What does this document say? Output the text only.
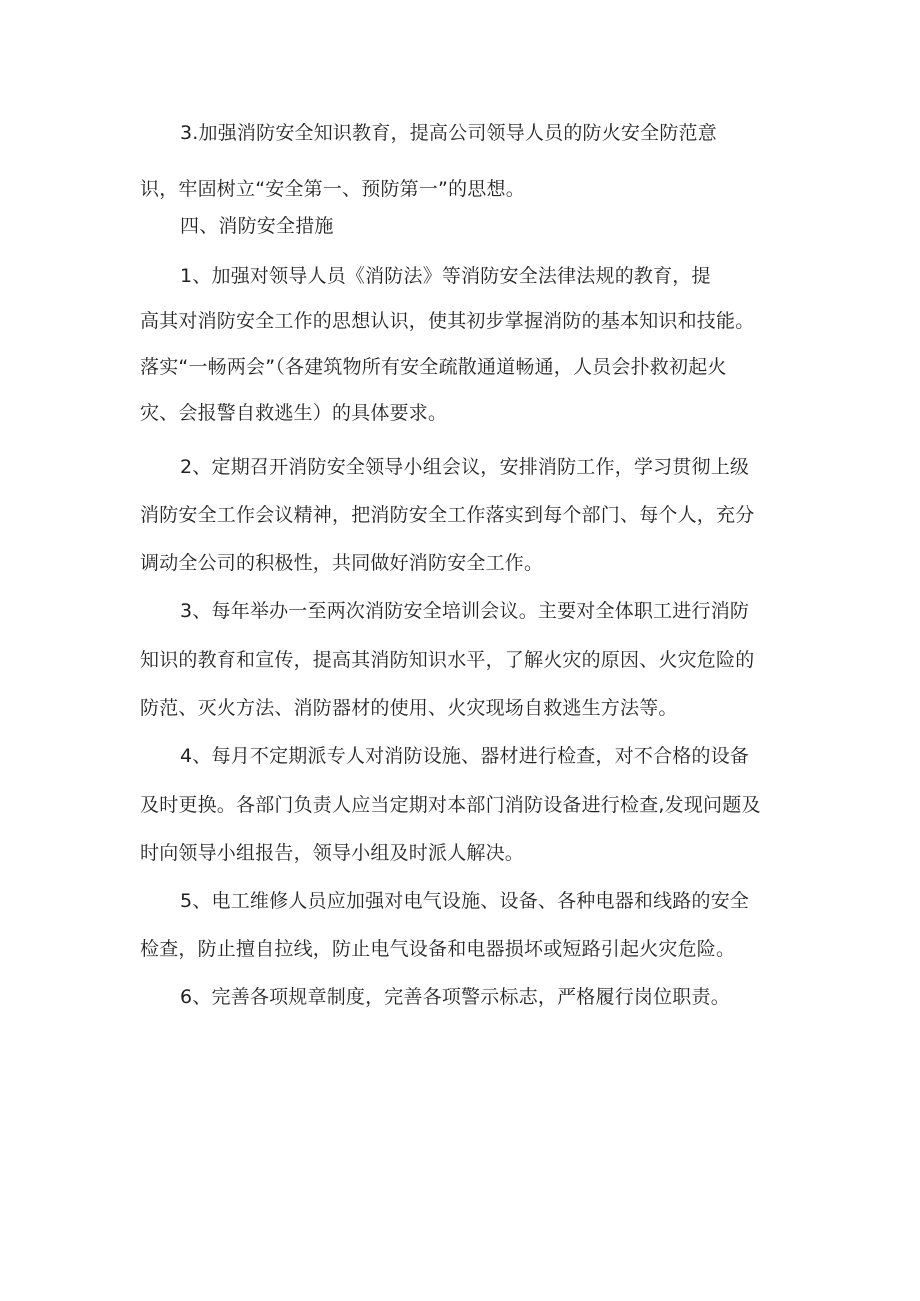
3.加强消防安全知识教育，提高公司领导人员的防火安全防范意
识，牢固树立“安全第一、预防第一”的思想。
四、消防安全措施
1、加强对领导人员《消防法》等消防安全法律法规的教育，提
高其对消防安全工作的思想认识，使其初步掌握消防的基本知识和技能。
落实“一畅两会”（各建筑物所有安全疏散通道畅通，人员会扑救初起火
灾、会报警自救逃生）的具体要求。
2、定期召开消防安全领导小组会议，安排消防工作，学习贯彻上级
消防安全工作会议精神，把消防安全工作落实到每个部门、每个人，充分
调动全公司的积极性，共同做好消防安全工作。
3、每年举办一至两次消防安全培训会议。主要对全体职工进行消防
知识的教育和宣传，提高其消防知识水平，了解火灾的原因、火灾危险的
防范、灭火方法、消防器材的使用、火灾现场自救逃生方法等。
4、每月不定期派专人对消防设施、器材进行检查，对不合格的设备
及时更换。各部门负责人应当定期对本部门消防设备进行检查,发现问题及
时向领导小组报告，领导小组及时派人解决。
5、电工维修人员应加强对电气设施、设备、各种电器和线路的安全
检查，防止擅自拉线，防止电气设备和电器损坏或短路引起火灾危险。
6、完善各项规章制度，完善各项警示标志，严格履行岗位职责。
